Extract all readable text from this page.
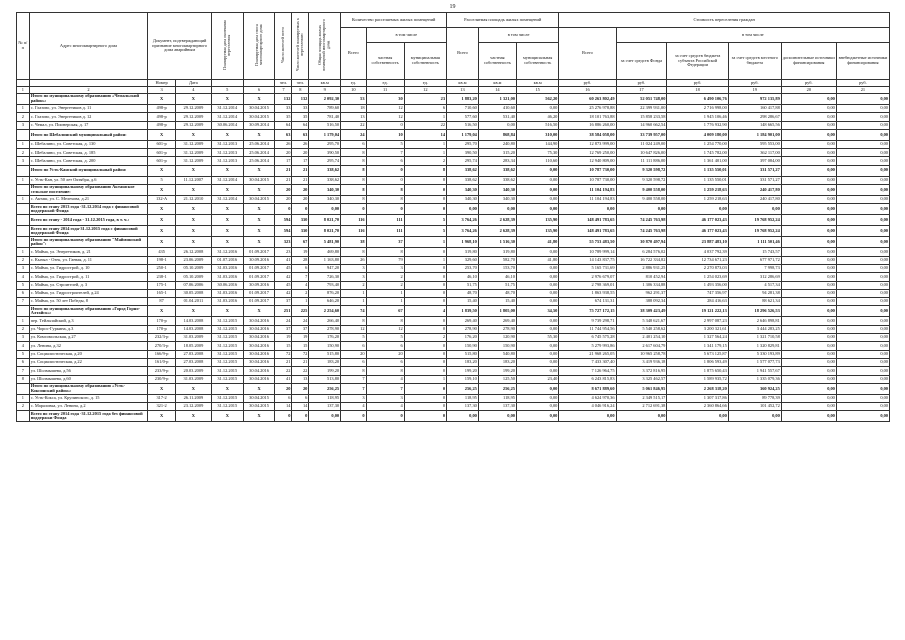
19
№ п/п	Адрес многоквартирного дома	Документ, подтверждающий признание многоквартирного дома аварийным		Планируемая дата окончания переселения	Планируемая дата сноса многоквартирного дома	Число жителей всего	Число жителей планируемых к переселению	Общая площадь жилых помещений многоквартирного дома	Количество расселяемых жилых помещений			Расселяемая площадь жилых помещений			Стоимость переселения граждан					
									Всего	в том числе		Всего	в том числе		Всего	в том числе				
										частная собственность	муниципальная собственность		частная собственность	муниципальная собственность		за счет средств Фонда	за счет средств бюджета субъекта Российской Федерации	за счет средств местного бюджета	дополнительные источники финансирования	внебюджетные источники финансирования
		Номер	Дата			чел.	чел.	кв.м	ед.	ед.	ед.	кв.м	кв.м	кв.м	руб.	руб.	руб.	руб.	руб.	руб.
1	2	3	4	5	6	7	8	9	10	11	12	13	14	15	16	17	18	19	20	21
	Итого по муниципальному образованию «Чемальский район»:	X	X	X	X	132	132	2 092,30	53	30	23	1 883,20	1 321,00	562,20	60 263 802,49	52 051 748,00	6 490 106,76	972 135,89	0,00	0,00
1	с. Глазово, ул. Энергетиков д. 11	498-р	29.12.2009	31.12.2014	30.04.2015	33	33	789,60	18	12	6	710,60	410,60	0,00	25 276 978,88	22 399 931,00	2 716 998,00	160 417,88	0,00	0,00
2	с. Глазово, ул. Энергетиков д. 12	498-р	29.12.2009	31.12.2014	30.04.2015	35	35	781,40	13	12	1	577,60	531,40	46,20	18 101 763,88	15 858 233,58	1 945 106,46	298 286,67	0,00	0,00
3	с. Чемал, ул. Пионерская, д. 17	498-р	29.12.2009	30.06.2014	30.09.2014	64	64	516,50	22	0	22	516,50	0,00	516,50	16 886 260,00	14 960 662,54	1 776 932,90	148 665,56	0,00	0,00
	Итого по Шебалинский муниципальный район:	X	X	X	X	63	63	1 179,04	24	10	14	1 179,04	868,84	310,00	38 584 058,00	33 739 957,00	4 009 180,00	1 184 901,00	0,00	0,00
1	с. Шебалино, ул. Советская, д. 130	601-р	31.12.2009	31.12.2013	25.06.2014	26	26	295,70	6	5	1	295,70	240,80	144,90	12 873 999,00	11 024 249,00	1 254 770,00	595 553,00	0,00	0,00
2	с. Шебалино, ул. Советская, д. 185	601-р	31.12.2009	31.12.2013	25.06.2014	20	20	390,50	8	7	1	390,50	315,20	75,30	12 769 250,00	10 647 826,00	1 745 782,00	362 117,00	0,00	0,00
3	с. Шебалино, ул. Советская, д. 200	601-р	31.12.2009	31.12.2013	25.06.2014	17	17	295,74	8	6	2	295,74	283,34	110,60	12 940 809,00	11 111 886,00	1 361 401,00	397 084,00	0,00	0,00
	Итого по Усть-Канский муниципальный район:	X	X	X	X	21	21	338,62	8	0	8	338,62	338,62	0,00	10 787 730,00	9 320 598,72	1 135 550,01	331 571,27	0,00	0,00
1	с. Усть-Кан, ул. 50 лет Октября, д.6	5	11.12.2007	31.12.2014	30.04.2015	21	21	338,62	8	0	8	338,62	338,62	0,00	10 787 730,00	9 320 598,72	1 135 550,01	331 571,27	0,00	0,00
	Итого по муниципальному образованию Акташское сельское поселение:	X	X	X	X	20	20	340,30	8	8	0	340,30	340,30	0,00	11 104 194,83	9 400 558,00	1 259 218,63	240 417,80	0,00	0,00
1	с. Акташ, ул. С. Мелехова, д.21	132-А	21.12.2010	31.12.2014	30.04.2015	20	20	340,30	8	8	0	340,30	340,30	0,00	11 104 194,83	9 400 558,00	1 259 218,63	240 417,80	0,00	0,00
	Всего по этапу 2013 года -31.12.2014 года с финансовой поддержкой Фонда	X	X	X	X	0	0	0,00	0	0	0	0,00	0,00	0,00	0,00	0,00	0,00	0,00	0,00	0,00
	Всего по этапу - 2014 года - 31.12.2015 года, в т. ч.:	X	X	X	X	594	330	8 021,70	116	111	5	3 764,26	2 628,39	135,90	148 491 783,65	74 245 763,98	46 177 023,43	19 768 952,24	0,00	0,00
	Всего по этапу 2014 года-31.12.2015 года с финансовой поддержкой Фонда	X	X	X	X	594	330	8 021,70	116	111	5	3 764,26	2 628,39	135,90	148 491 783,65	74 245 763,98	46 177 023,43	19 768 952,24	0,00	0,00
	Итого по муниципальному образованию "Майминский район":	X	X	X	X	323	67	5 481,90	38	37	1	1 968,10	1 516,30	41,80	55 753 483,50	30 870 497,94	23 887 483,10	1 111 501,46	0,00	0,00
1	с. Майма, ул. Энергетиков, д. 21	435	26.12.2008	31.12.2016	01.09.2017	23	19	469,80	8	8	0	319,80	319,80	0,00	10 789 999,14	6 284 576,02	4 037 792,39	15 743,57	0,00	0,00
2	с. Кызыл - Озек, ул. Гаевая, д. 11	198-1	23.06.2009	01.07.2016	30.09.2016	41	28	1 163,80	26	79	1	329,60	582,70	41,80	14 143 837,75	16 722 334,82	12 734 671,23	677 971,72	0,00	0,00
3	с. Майма, ул. Гидрострой, д. 10	250-1	05.10.2009	31.03.2016	01.09.2017	45	6	947,20	3	3	0	253,70	153,70	0,00	5 165 731,69	2 886 931,25	2 270 873,03	7 998,73	0,00	0,00
4	с. Майма, ул. Гидрострой, д. 11	238-1	05.10.2009	31.03.2016	01.09.2017	42	7	726,30	3	2	0	46,10	46,10	0,00	2 976 679,07	810 452,94	1 254 023,69	312 286,69	0,00	0,00
5	с. Майма, ул. Строителей, д. 3	175-1	07.06.2006	30.06.2016	30.09.2016	45	4	793,40	2	2	0	51,75	51,75	0,00	2 798 369,01	1 306 334,88	1 493 356,00	4 517,34	0,00	0,00
6	с. Майма, ул. Гидростроителей, д.24	165-1	30.05.2008	31.03.2016	01.09.2017	42	2	876,20	1	1	0	48,70	48,70	0,00	1 863 938,55	962 291,37	747 356,97	94 281,38	0,00	0,00
7	с. Майма, ул. 50 лет Победы, 8	87	01.04.2011	31.03.2016	01.09.2017	37	1	646,20	1	1	0	15,40	15,40	0,00	674 131,31	388 092,34	284 416,63	88 621,34	0,00	0,00
	Итого по муниципальному образованию «Город Горно-Алтайск»:	X	X	X	X	251	225	2 254,60	74	67	4	1 839,50	1 805,00	34,50	75 727 172,15	38 309 423,49	19 121 222,13	18 296 526,53	0,00	0,00
1	пер. Тейльпайский, д.3	170-р	14.03.2008	31.12.2015	30.04.2016	24	24	266,40	8	8	0	269,40	269,40	0,00	9 739 298,71	5 348 621,67	2 997 087,23	2 646 898,81	0,00	0,00
2	ул. Чорос-Гуркина, д.3	170-р	14.03.2008	31.12.2015	30.04.2016	37	37	278,90	12	12	0	278,90	278,90	0,00	11 744 954,56	5 540 258,62	3 200 321,61	3 444 283,25	0,00	0,00
3	ул. Комсомольская, д.27	232/3-р	31.03.2009	31.12.2015	30.04.2016	19	19	176,20	5	5	2	176,20	120,90	55,30	6 745 575,28	2 401 254,10	1 327 564,24	1 321 710,58	0,00	0,00
4	ул. Ленина, д.32	270/3-р	18.05.2009	31.12.2015	30.04.2016	15	15	150,90	6	6	0	150,90	150,90	0,00	5 279 993,86	2 617 604,79	1 341 179,15	1 320 829,81	0,00	0,00
5	ул. Социалистическая, д.20	166/9-р	27.03.2008	31.12.2015	30.04.2016	72	72	515,80	20	20	0	515,80	540,80	0,00	21 968 265,05	10 965 258,78	5 673 125,87	5 330 193,89	0,00	0,00
6	ул. Социалистическая, д.22	161/0-р	27.03.2008	31.12.2015	30.04.2016	21	21	183,20	6	6	0	183,20	183,20	0,00	7 433 307,40	3 419 936,18	1 806 593,49	1 577 077,73	0,00	0,00
7	ул. Шолмышева, д.56	233/9-р	20.03.2009	31.12.2015	30.04.2016	22	22	199,20	8	8	0	199,20	199,20	0,00	7 126 964,75	3 372 816,95	1 875 650,43	1 941 557,67	0,00	0,00
8	ул. Шолмышева, д.60	230/9-р	31.03.2009	31.12.2015	30.04.2016	41	13	513,80	7	4	1	159,10	125,50	23,40	6 243 815,83	3 325 462,57	1 589 935,72	1 335 079,36	0,00	0,00
	Итого по муниципальному образованию «Усть-Коксинский район»:	X	X	X	X	20	20	256,25	7	7	0	256,25	256,25	0,00	8 671 889,60	5 061 846,95	2 268 318,20	360 924,25	0,00	0,00
1	с. Усть-Кокса, ул. Крупинского, д. 15	317-2	26.11.2009	31.12.2015	30.04.2015	6	6	118,95	3	3	0	118,95	118,95	0,00	4 624 970,36	2 349 515,17	1 307 317,86	89 778,39	0,00	0,00
2	с. Мараловка, ул. Ленина, д.2	321-2	23.12.2009	31.12.2015	30.04.2015	14	14	137,30	4	4	0	137,30	137,30	0,00	4 046 916,24	2 712 691,38	2 360 864,66	101 452,72	0,00	0,00
	Всего по этапу 2014 года -31.12.2015 года без финансовой поддержки Фонда	X	X	X	X	0	0	0,00	0	0	0	0,00	0,00	0,00	0,00	0,00	0,00	0,00	0,00	0,00
